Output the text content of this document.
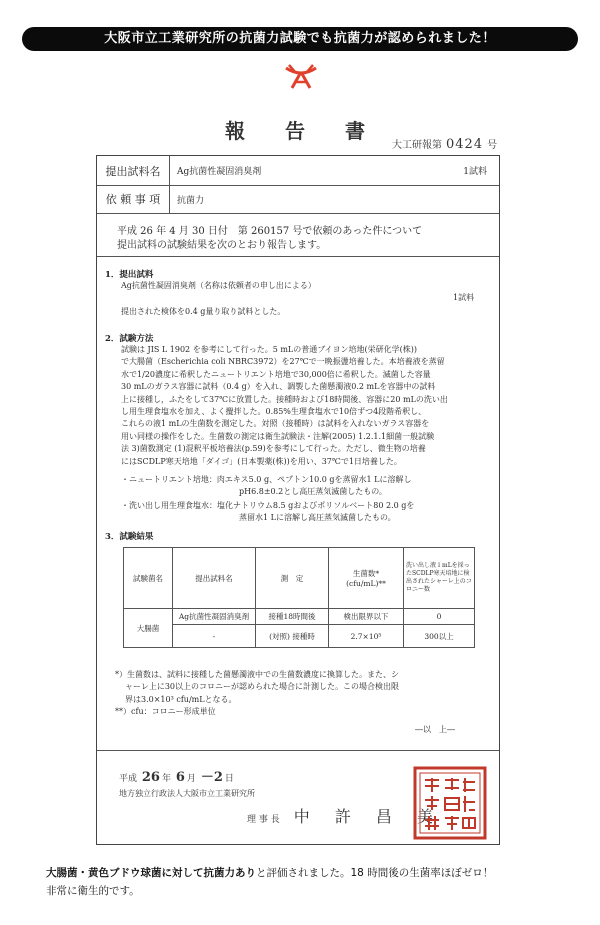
大阪市立工業研究所の抗菌力試験でも抗菌力が認められました！
報　告　書
大工研報第 0424 号
提出試料名	Ag抗菌性凝固消臭剤	1試料
依 頼 事 項	抗菌力
平成 26 年 4 月 30 日付　第 260157 号で依頼のあった件について
提出試料の試験結果を次のとおり報告します。
1．提出試料
Ag抗菌性凝固消臭剤（名称は依頼者の申し出による）
1試料
提出された検体を0.4 g量り取り試料とした。
2．試験方法
試験は JIS L 1902 を参考にして行った。5 mLの普通ブイヨン培地(栄研化学(株))
で大腸菌（Escherichia coli NBRC3972）を27℃で一晩振盪培養した。本培養液を蒸留
水で1/20濃度に希釈したニュートリエント培地で30,000倍に希釈した。滅菌した容量
30 mLのガラス容器に試料（0.4 g）を入れ、調製した菌懸濁液0.2 mLを容器中の試料
上に接種し，ふたをして37℃に放置した。接種時および18時間後、容器に20 mLの洗い出
し用生理食塩水を加え、よく攪拌した。0.85%生理食塩水で10倍ずつ4段階希釈し、
これらの液1 mLの生菌数を測定した。対照（接種時）は試料を入れないガラス容器を
用い同様の操作をした。生菌数の測定は衛生試験法・注解(2005) 1.2.1.1細菌一般試験
法 3)菌数測定 (1)混釈平板培養法(p.59)を参考にして行った。ただし、微生物の培養
にはSCDLP寒天培地「ダイゴ」(日本製薬(株))を用い、37℃で1日培養した。
・ニュートリエント培地：肉エキス5.0 g、ペプトン10.0 gを蒸留水1 Lに溶解し
pH6.8±0.2とし高圧蒸気滅菌したもの。
・洗い出し用生理食塩水：塩化ナトリウム8.5 gおよびポリソルベート80 2.0 gを
蒸留水1 Lに溶解し高圧蒸気滅菌したもの。
3．試験結果
試験菌名	提出試料名	測　定	生菌数*
(cfu/mL)**	洗い出し液１mLを採ったSCDLP寒天培地に検出されたシャーレ上のコロニー数
大腸菌	Ag抗菌性凝固消臭剤	接種18時間後	検出限界以下	0
	-	(対照) 接種時	2.7×10⁵	300以上
*）生菌数は、試料に接種した菌懸濁液中での生菌数濃度に換算した。また、シ
ャーレ上に30以上のコロニーが認められた場合に計測した。この場合検出限
界は3.0×10³ cfu/mLとなる。
**）cfu：コロニー形成単位
―以　上―
平成 26 年 6 月 －2 日
地方独立行政法人大阪市立工業研究所
理 事 長 中 許 昌 美
大腸菌・黄色ブドウ球菌に対して抗菌力ありと評価されました。18 時間後の生菌率ほぼゼロ！
非常に衛生的です。
